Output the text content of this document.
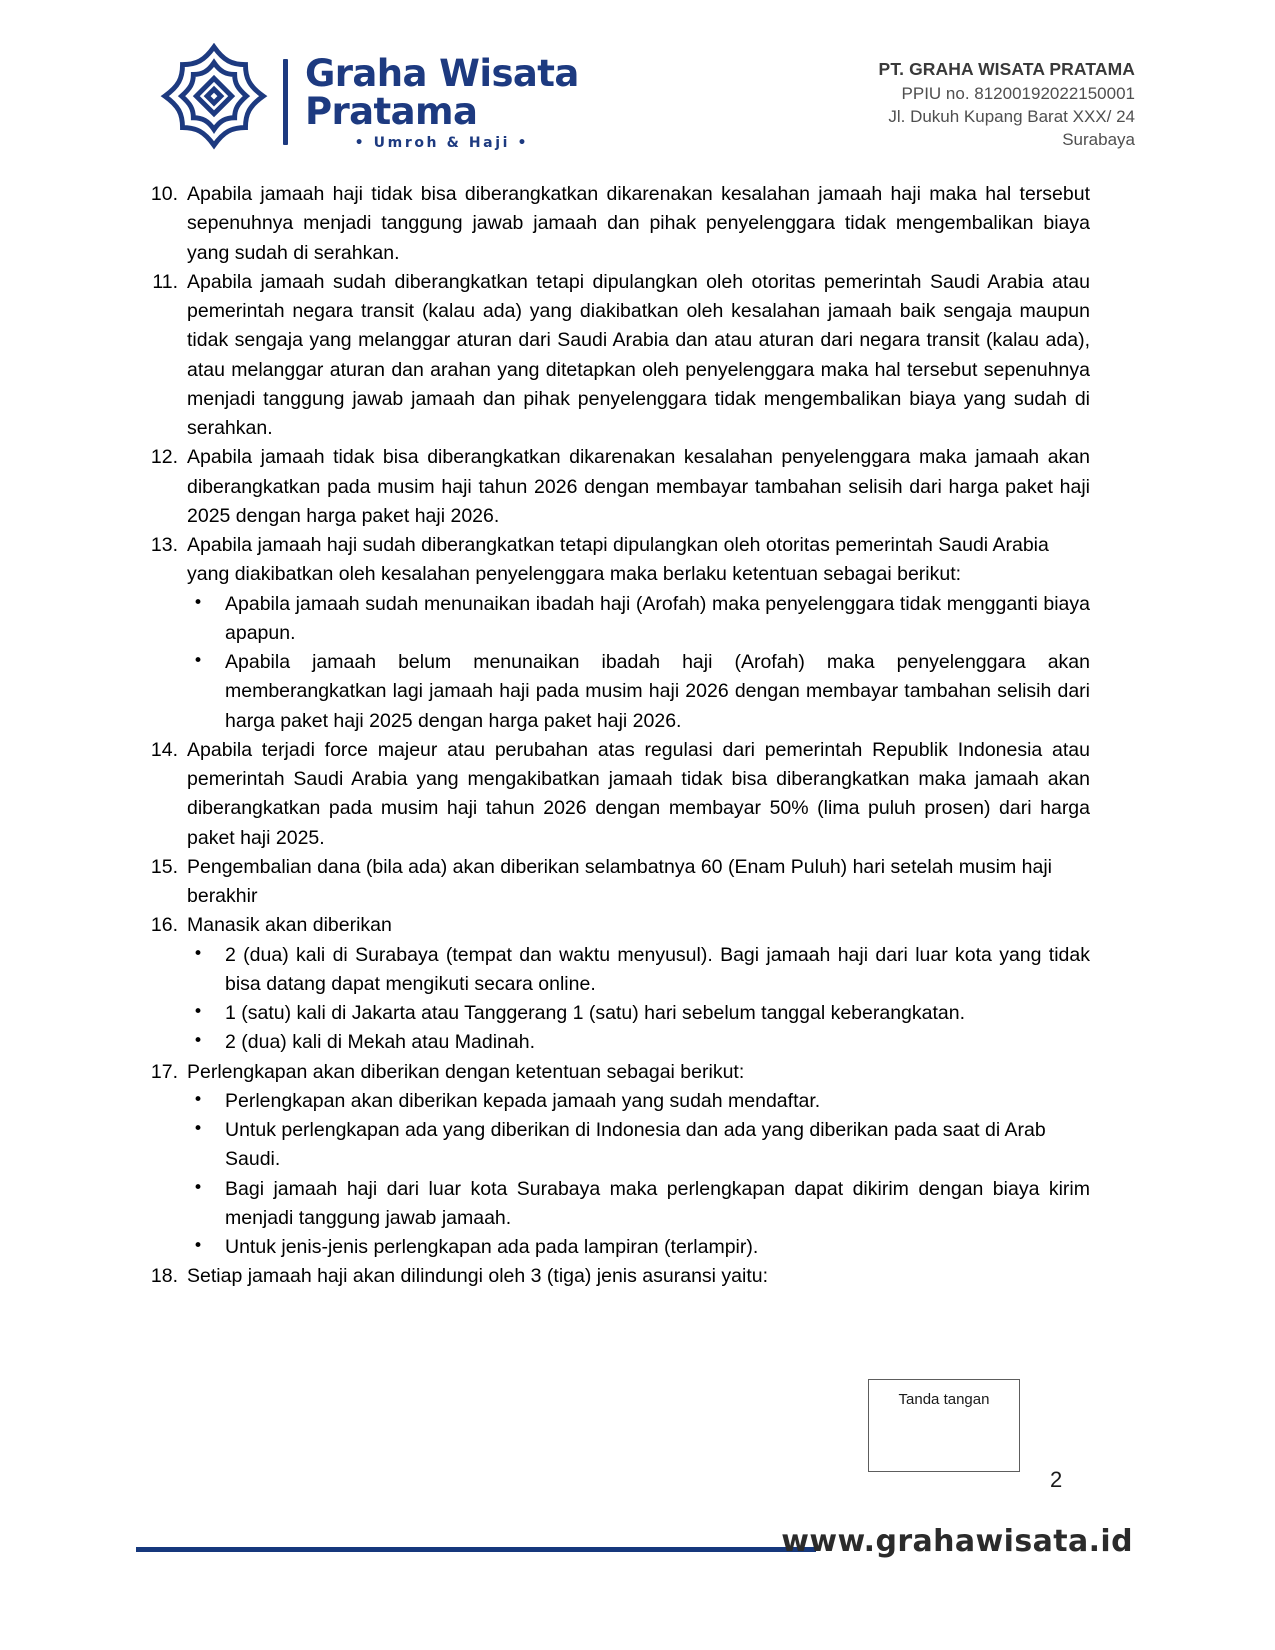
Graha Wisata
Pratama
• Umroh & Haji •
PT. GRAHA WISATA PRATAMA
PPIU no. 81200192022150001
Jl. Dukuh Kupang Barat XXX/ 24
Surabaya
10. Apabila jamaah haji tidak bisa diberangkatkan dikarenakan kesalahan jamaah haji maka hal tersebut sepenuhnya menjadi tanggung jawab jamaah dan pihak penyelenggara tidak mengembalikan biaya yang sudah di serahkan.
11. Apabila jamaah sudah diberangkatkan tetapi dipulangkan oleh otoritas pemerintah Saudi Arabia atau pemerintah negara transit (kalau ada) yang diakibatkan oleh kesalahan jamaah baik sengaja maupun tidak sengaja yang melanggar aturan dari Saudi Arabia dan atau aturan dari negara transit (kalau ada), atau melanggar aturan dan arahan yang ditetapkan oleh penyelenggara maka hal tersebut sepenuhnya menjadi tanggung jawab jamaah dan pihak penyelenggara tidak mengembalikan biaya yang sudah di serahkan.
12. Apabila jamaah tidak bisa diberangkatkan dikarenakan kesalahan penyelenggara maka jamaah akan diberangkatkan pada musim haji tahun 2026 dengan membayar tambahan selisih dari harga paket haji 2025 dengan harga paket haji 2026.
13. Apabila jamaah haji sudah diberangkatkan tetapi dipulangkan oleh otoritas pemerintah Saudi Arabia yang diakibatkan oleh kesalahan penyelenggara maka berlaku ketentuan sebagai berikut:
•	Apabila jamaah sudah menunaikan ibadah haji (Arofah) maka penyelenggara tidak mengganti biaya apapun.
•	Apabila jamaah belum menunaikan ibadah haji (Arofah) maka penyelenggara akan memberangkatkan lagi jamaah haji pada musim haji 2026 dengan membayar tambahan selisih dari harga paket haji 2025 dengan harga paket haji 2026.
14. Apabila terjadi force majeur atau perubahan atas regulasi dari pemerintah Republik Indonesia atau pemerintah Saudi Arabia yang mengakibatkan jamaah tidak bisa diberangkatkan maka jamaah akan diberangkatkan pada musim haji tahun 2026 dengan membayar 50% (lima puluh prosen) dari harga paket haji 2025.
15. Pengembalian dana (bila ada) akan diberikan selambatnya 60 (Enam Puluh) hari setelah musim haji berakhir
16. Manasik akan diberikan
•	2 (dua) kali di Surabaya (tempat dan waktu menyusul). Bagi jamaah haji dari luar kota yang tidak bisa datang dapat mengikuti secara online.
•	1 (satu) kali di Jakarta atau Tanggerang 1 (satu) hari sebelum tanggal keberangkatan.
•	2 (dua) kali di Mekah atau Madinah.
17. Perlengkapan akan diberikan dengan ketentuan sebagai berikut:
•	Perlengkapan akan diberikan kepada jamaah yang sudah mendaftar.
•	Untuk perlengkapan ada yang diberikan di Indonesia dan ada yang diberikan pada saat di Arab Saudi.
•	Bagi jamaah haji dari luar kota Surabaya maka perlengkapan dapat dikirim dengan biaya kirim menjadi tanggung jawab jamaah.
•	Untuk jenis-jenis perlengkapan ada pada lampiran (terlampir).
18. Setiap jamaah haji akan dilindungi oleh 3 (tiga) jenis asuransi yaitu:
Tanda tangan
2
www.grahawisata.id
